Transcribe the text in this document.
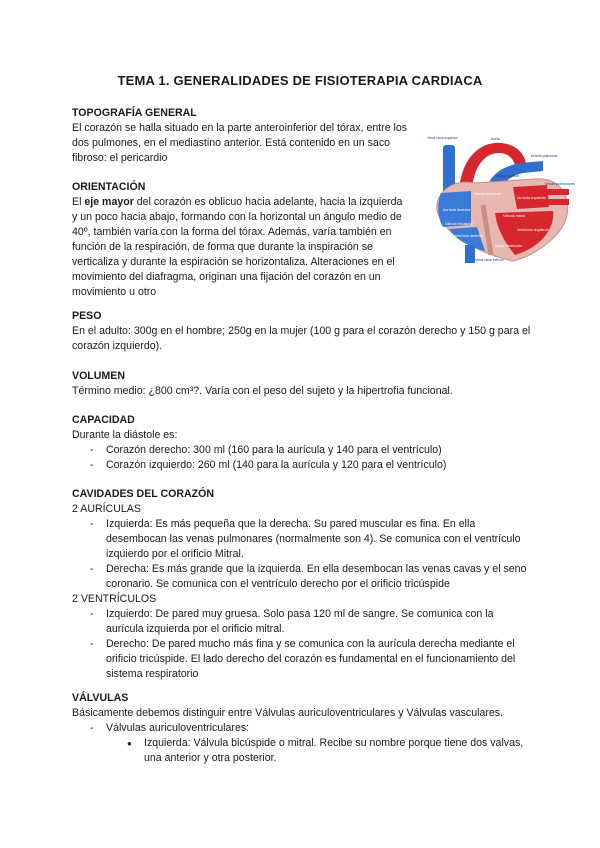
TEMA 1. GENERALIDADES DE FISIOTERAPIA CARDIACA
TOPOGRAFÍA GENERAL

El corazón se halla situado en la parte anteroinferior del tórax, entre los dos pulmones, en el mediastino anterior. Está contenido en un saco fibroso: el pericardio

ORIENTACIÓN

El eje mayor del corazón es oblicuo hacia adelante, hacia la izquierda y un poco hacia abajo, formando con la horizontal un ángulo medio de 40º, también varía con la forma del tórax. Además, varía también en función de la respiración, de forma que durante la inspiración se verticaliza y durante la espiración se horizontaliza. Alteraciones en el movimiento del diafragma, originan una fijación del corazón en un movimiento u otro

Vena cava superior	Aorta
Arteria pulmonar
Venas pulmonares
Aurícula izquierda
Aurícula derecha
Válvula mitral
Válvula tricúspide
Válvula aórtica
Válvula pulmonar
Ventrículo izquierdo
Ventrículo derecho
Septo ventricular
Vena cava inferior
PESO

En el adulto: 300g en el hombre; 250g en la mujer (100 g para el corazón derecho y 150 g para el corazón izquierdo).

VOLUMEN

Término medio: ¿800 cm³?. Varía con el peso del sujeto y la hipertrofia funcional.

CAPACIDAD

Durante la diástole es:

- Corazón derecho: 300 ml (160 para la aurícula y 140 para el ventrículo)
- Corazón izquierdo: 260 ml (140 para la aurícula y 120 para el ventrículo)
CAVIDADES DEL CORAZÓN

2 AURÍCULAS

- Izquierda: Es más pequeña que la derecha. Su pared muscular es fina. En ella desembocan las venas pulmonares (normalmente son 4). Se comunica con el ventrículo izquierdo por el orificio Mitral.
- Derecha: Es más grande que la izquierda. En ella desembocan las venas cavas y el seno coronario. Se comunica con el ventrículo derecho por el orificio tricúspide

2 VENTRÍCULOS

- Izquierdo: De pared muy gruesa. Solo pasa 120 ml de sangre. Se comunica con la aurícula izquierda por el orificio mitral.
- Derecho: De pared mucho más fina y se comunica con la aurícula derecha mediante el orificio tricúspide. El lado derecho del corazón es fundamental en el funcionamiento del sistema respiratorio
VÁLVULAS

Básicamente debemos distinguir entre Válvulas auriculoventriculares y Válvulas vasculares.

- Válvulas auriculoventriculares:
● Izquierda: Válvula bicúspide o mitral. Recibe su nombre porque tiene dos valvas, una anterior y otra posterior.
